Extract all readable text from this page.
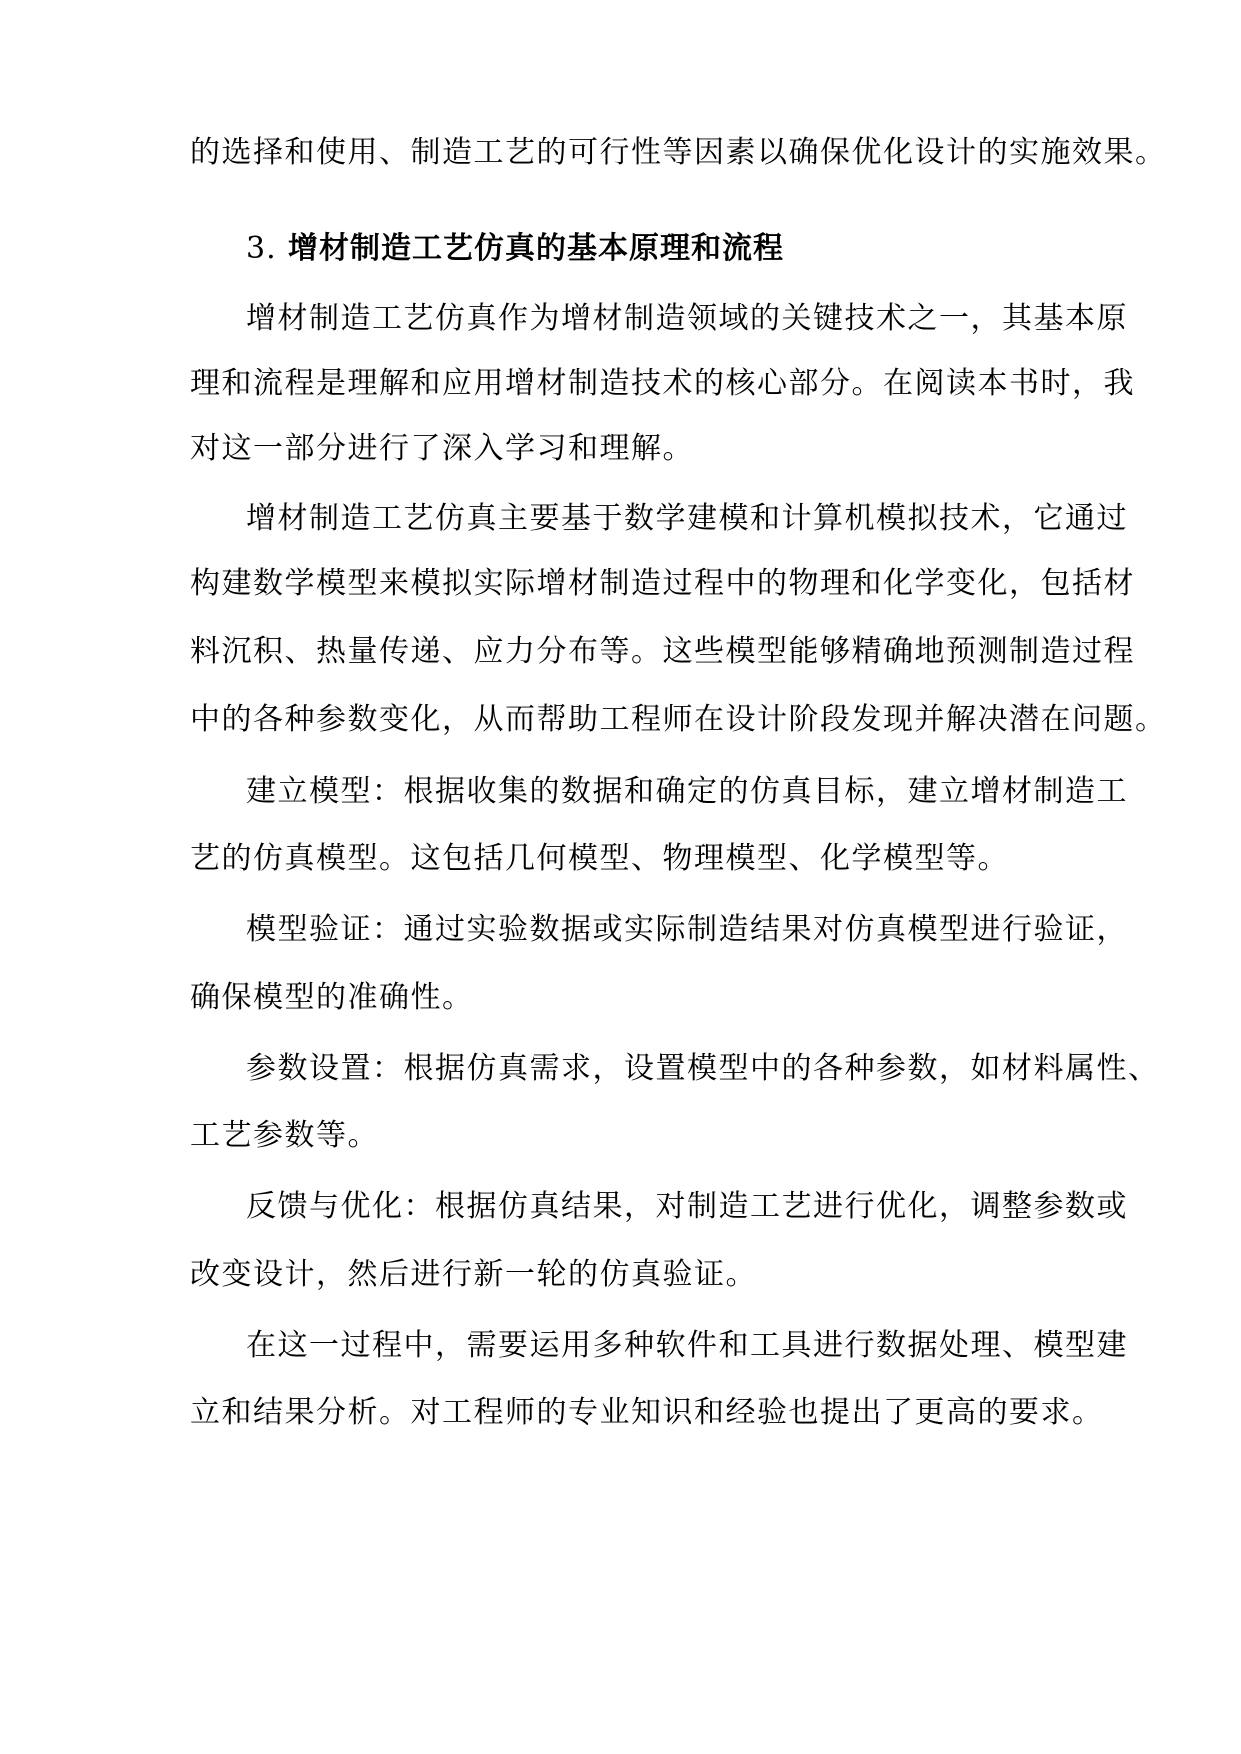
的选择和使用、制造工艺的可行性等因素以确保优化设计的实施效果。
3. 增材制造工艺仿真的基本原理和流程
增材制造工艺仿真作为增材制造领域的关键技术之一，其基本原
理和流程是理解和应用增材制造技术的核心部分。在阅读本书时，我
对这一部分进行了深入学习和理解。
增材制造工艺仿真主要基于数学建模和计算机模拟技术，它通过
构建数学模型来模拟实际增材制造过程中的物理和化学变化，包括材
料沉积、热量传递、应力分布等。这些模型能够精确地预测制造过程
中的各种参数变化，从而帮助工程师在设计阶段发现并解决潜在问题。
建立模型：根据收集的数据和确定的仿真目标，建立增材制造工
艺的仿真模型。这包括几何模型、物理模型、化学模型等。
模型验证：通过实验数据或实际制造结果对仿真模型进行验证，
确保模型的准确性。
参数设置：根据仿真需求，设置模型中的各种参数，如材料属性、
工艺参数等。
反馈与优化：根据仿真结果，对制造工艺进行优化，调整参数或
改变设计，然后进行新一轮的仿真验证。
在这一过程中，需要运用多种软件和工具进行数据处理、模型建
立和结果分析。对工程师的专业知识和经验也提出了更高的要求。
